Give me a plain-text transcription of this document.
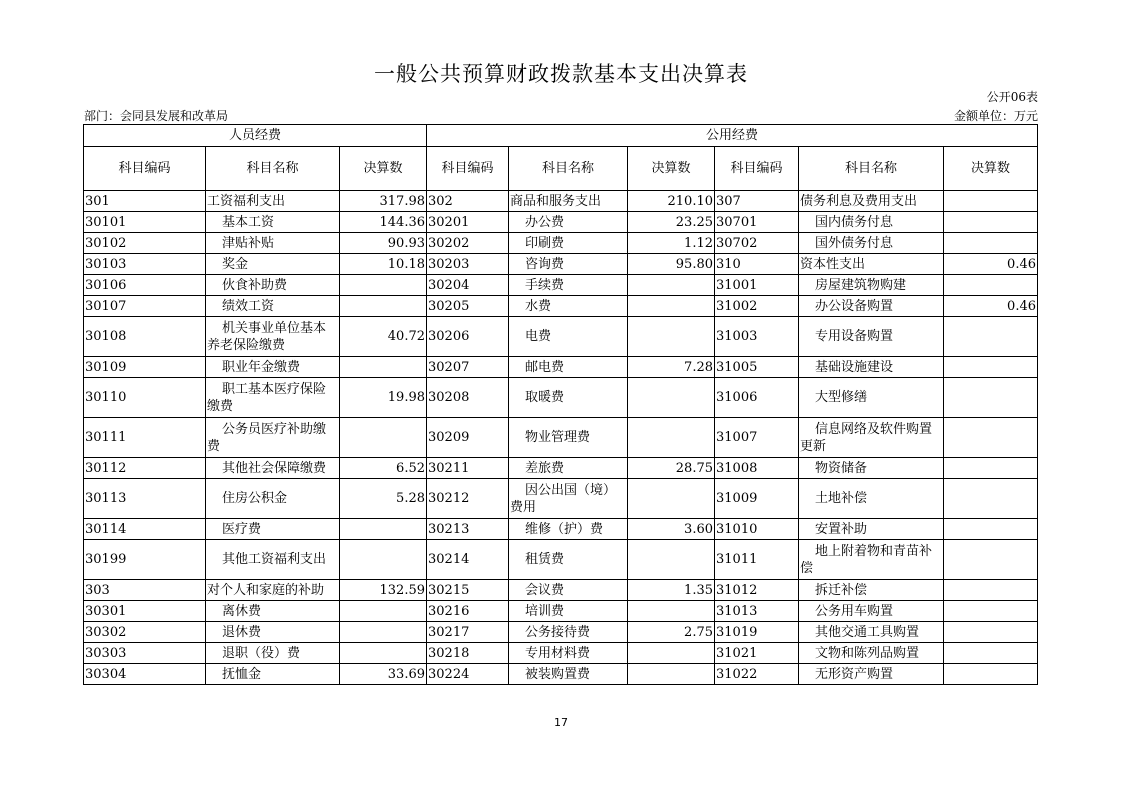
一般公共预算财政拨款基本支出决算表
公开06表
部门：会同县发展和改革局	金额单位：万元
人员经费			公用经费					
科目编码	科目名称	决算数	科目编码	科目名称	决算数	科目编码	科目名称	决算数
301	工资福利支出	317.98	302	商品和服务支出	210.10	307	债务利息及费用支出	
30101	基本工资	144.36	30201	办公费	23.25	30701	国内债务付息	
30102	津贴补贴	90.93	30202	印刷费	1.12	30702	国外债务付息	
30103	奖金	10.18	30203	咨询费	95.80	310	资本性支出	0.46
30106	伙食补助费		30204	手续费		31001	房屋建筑物购建	
30107	绩效工资		30205	水费		31002	办公设备购置	0.46
30108	机关事业单位基本养老保险缴费	40.72	30206	电费		31003	专用设备购置	
30109	职业年金缴费		30207	邮电费	7.28	31005	基础设施建设	
30110	职工基本医疗保险缴费	19.98	30208	取暖费		31006	大型修缮	
30111	公务员医疗补助缴费		30209	物业管理费		31007	信息网络及软件购置更新	
30112	其他社会保障缴费	6.52	30211	差旅费	28.75	31008	物资储备	
30113	住房公积金	5.28	30212	因公出国（境）费用		31009	土地补偿	
30114	医疗费		30213	维修（护）费	3.60	31010	安置补助	
30199	其他工资福利支出		30214	租赁费		31011	地上附着物和青苗补偿	
303	对个人和家庭的补助	132.59	30215	会议费	1.35	31012	拆迁补偿	
30301	离休费		30216	培训费		31013	公务用车购置	
30302	退休费		30217	公务接待费	2.75	31019	其他交通工具购置	
30303	退职（役）费		30218	专用材料费		31021	文物和陈列品购置	
30304	抚恤金	33.69	30224	被装购置费		31022	无形资产购置	
17
